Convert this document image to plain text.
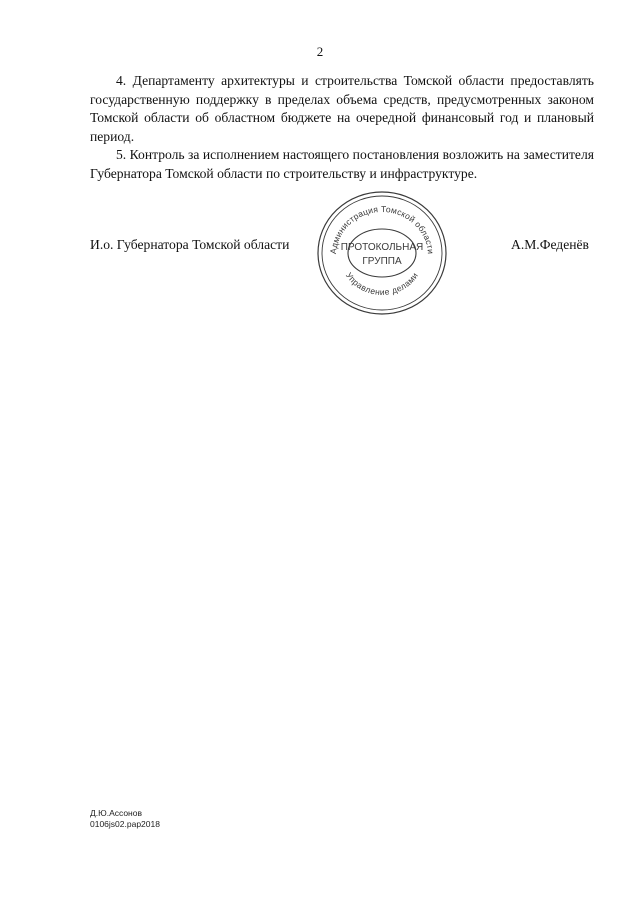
2

4. Департаменту архитектуры и строительства Томской области предоставлять государственную поддержку в пределах объема средств, предусмотренных законом Томской области об областном бюджете на очередной финансовый год и плановый период.

5. Контроль за исполнением настоящего постановления возложить на заместителя Губернатора Томской области по строительству и инфраструктуре.

И.о. Губернатора Томской области	Администрация Томской области
Управление делами
ПРОТОКОЛЬНАЯ
ГРУППА
А.М.Феденёв
Д.Ю.Ассонов
0106js02.pap2018
